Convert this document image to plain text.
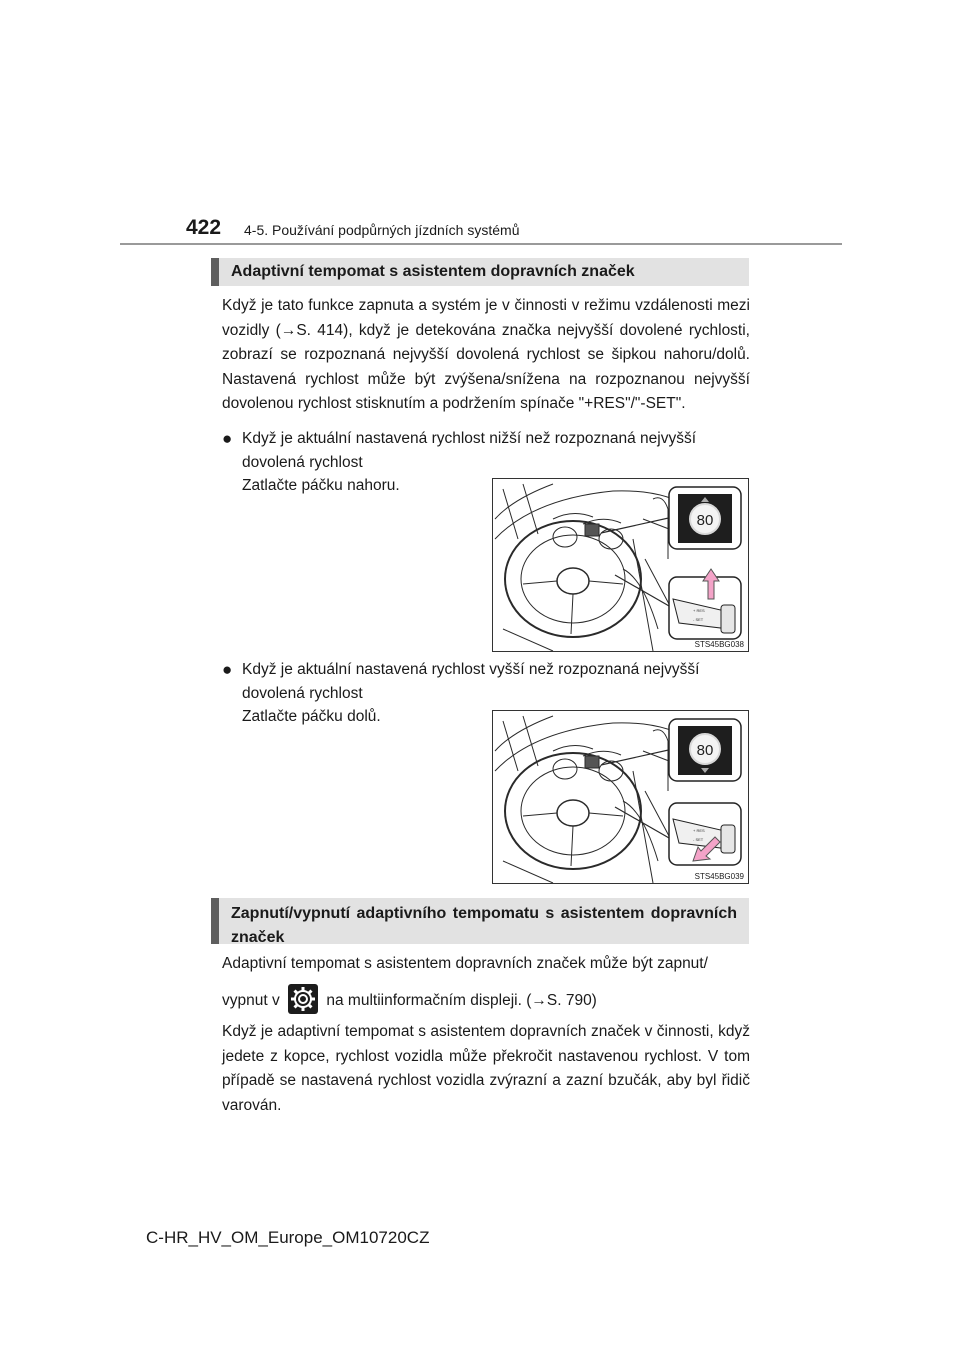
422 4-5. Používání podpůrných jízdních systémů
Adaptivní tempomat s asistentem dopravních značek
Když je tato funkce zapnuta a systém je v činnosti v režimu vzdálenosti mezi vozidly (→S. 414), když je detekována značka nejvyšší dovolené rychlosti, zobrazí se rozpoznaná nejvyšší dovolená rychlost se šipkou nahoru/dolů. Nastavená rychlost může být zvýšena/snížena na rozpoznanou nejvyšší dovolenou rychlost stisknutím a podržením spínače "+RES"/"-SET".
● Když je aktuální nastavená rychlost nižší než rozpoznaná nejvyšší dovolená rychlost
Zatlačte páčku nahoru.
80
+ RES
- SET
STS45BG038
● Když je aktuální nastavená rychlost vyšší než rozpoznaná nejvyšší dovolená rychlost
Zatlačte páčku dolů.
80
+ RES
- SET
STS45BG039
Zapnutí/vypnutí adaptivního tempomatu s asistentem dopravních značek
Adaptivní tempomat s asistentem dopravních značek může být zapnut/
vypnut v	na multiinformačním displeji. (→S. 790)
Když je adaptivní tempomat s asistentem dopravních značek v činnosti, když jedete z kopce, rychlost vozidla může překročit nastavenou rychlost. V tom případě se nastavená rychlost vozidla zvýrazní a zazní bzučák, aby byl řidič varován.
C-HR_HV_OM_Europe_OM10720CZ
